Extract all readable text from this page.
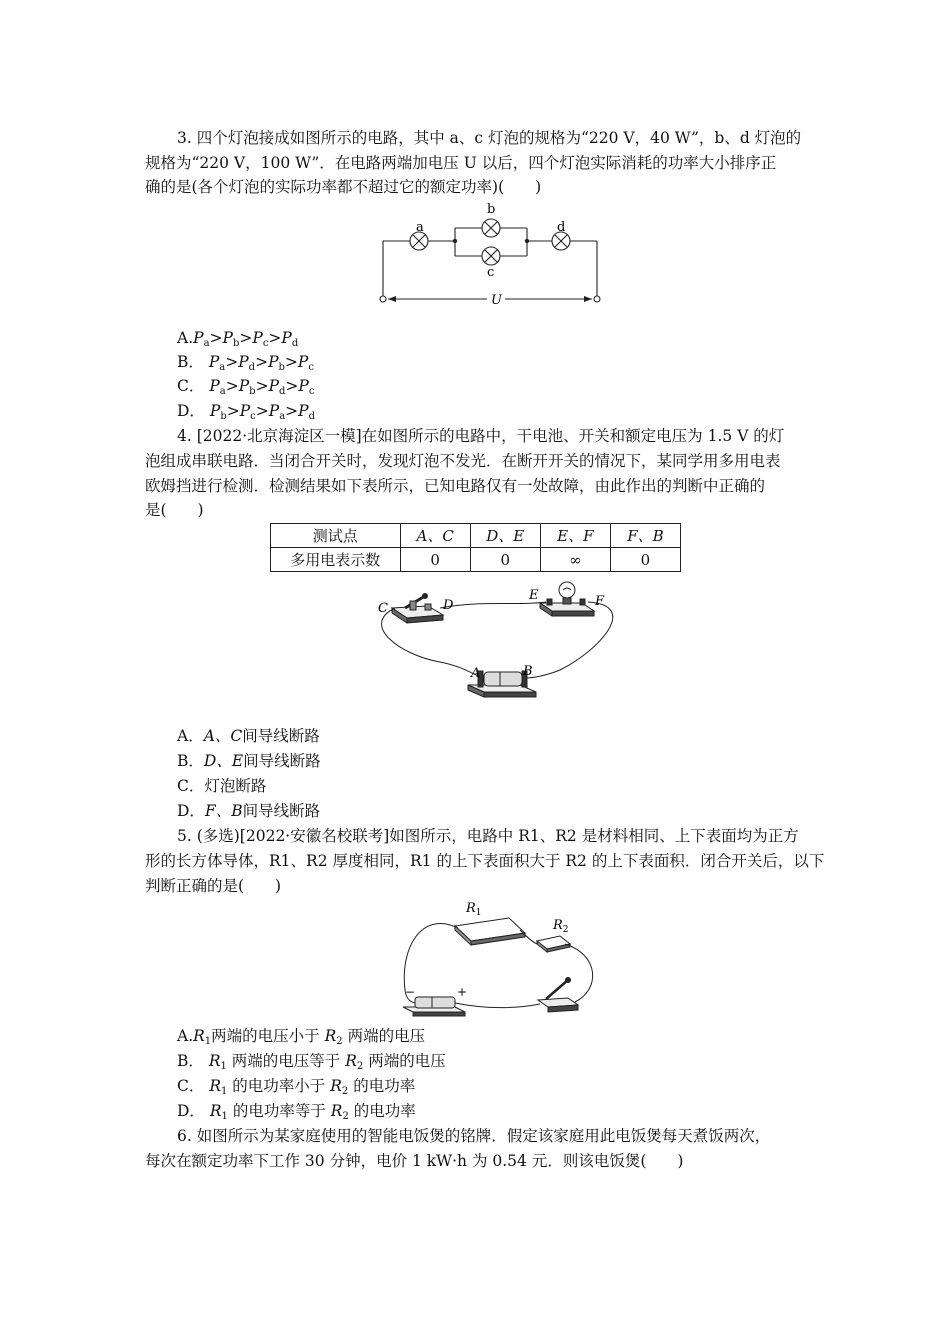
3. 四个灯泡接成如图所示的电路，其中 a、c 灯泡的规格为“220 V，40 W”，b、d 灯泡的
规格为“220 V，100 W”．在电路两端加电压 U 以后，四个灯泡实际消耗的功率大小排序正
确的是(各个灯泡的实际功率都不超过它的额定功率)(　　)
a
b
c
d
U
$A.P_a>P_b>P_c>P_d$
B． $P_a>P_d>P_b>P_c$
C． $P_a>P_b>P_d>P_c$
D． $P_b>P_c>P_a>P_d$
4. [2022·北京海淀区一模]在如图所示的电路中，干电池、开关和额定电压为 1.5 V 的灯
泡组成串联电路．当闭合开关时，发现灯泡不发光．在断开开关的情况下，某同学用多用电表
欧姆挡进行检测．检测结果如下表所示，已知电路仅有一处故障，由此作出的判断中正确的
是(　　)
测试点	A、C	D、E	E、F	F、B
多用电表示数	0	0	∞	0
C	D
E	F
A	B
A．A、C间导线断路
B．D、E间导线断路
C．灯泡断路
D．F、B间导线断路
5. (多选)[2022·安徽名校联考]如图所示，电路中 R1、R2 是材料相同、上下表面均为正方
形的长方体导体，R1、R2 厚度相同，R1 的上下表面积大于 R2 的上下表面积．闭合开关后，以下
判断正确的是(　　)
$R_1$
$R_2$
−	+
$A.R_1$两端的电压小于 $R_2$ 两端的电压
B． $R_1$ 两端的电压等于 $R_2$ 两端的电压
C． $R_1$ 的电功率小于 $R_2$ 的电功率
D． $R_1$ 的电功率等于 $R_2$ 的电功率
6. 如图所示为某家庭使用的智能电饭煲的铭牌．假定该家庭用此电饭煲每天煮饭两次，
每次在额定功率下工作 30 分钟，电价 1 kW·h 为 0.54 元．则该电饭煲(　　)
